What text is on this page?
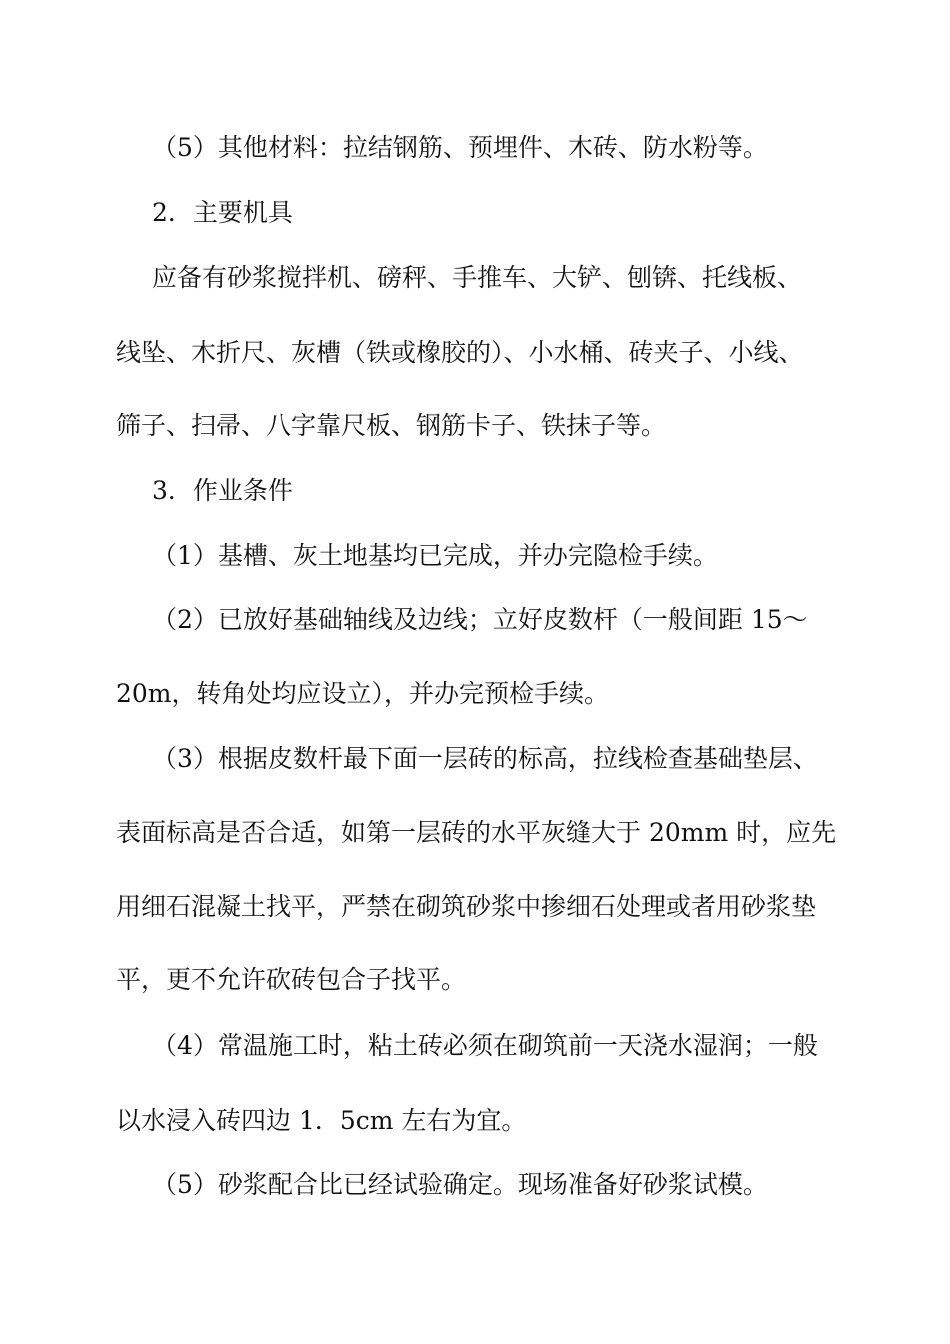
（5）其他材料：拉结钢筋、预埋件、木砖、防水粉等。
2．主要机具
应备有砂浆搅拌机、磅秤、手推车、大铲、刨锛、托线板、
线坠、木折尺、灰槽（铁或橡胶的）、小水桶、砖夹子、小线、
筛子、扫帚、八字靠尺板、钢筋卡子、铁抹子等。
3．作业条件
（1）基槽、灰土地基均已完成，并办完隐检手续。
（2）已放好基础轴线及边线；立好皮数杆（一般间距 15～
20m，转角处均应设立），并办完预检手续。
（3）根据皮数杆最下面一层砖的标高，拉线检查基础垫层、
表面标高是否合适，如第一层砖的水平灰缝大于 20mm 时，应先
用细石混凝土找平，严禁在砌筑砂浆中掺细石处理或者用砂浆垫
平，更不允许砍砖包合子找平。
（4）常温施工时，粘土砖必须在砌筑前一天浇水湿润；一般
以水浸入砖四边 1．5cm 左右为宜。
（5）砂浆配合比已经试验确定。现场准备好砂浆试模。
